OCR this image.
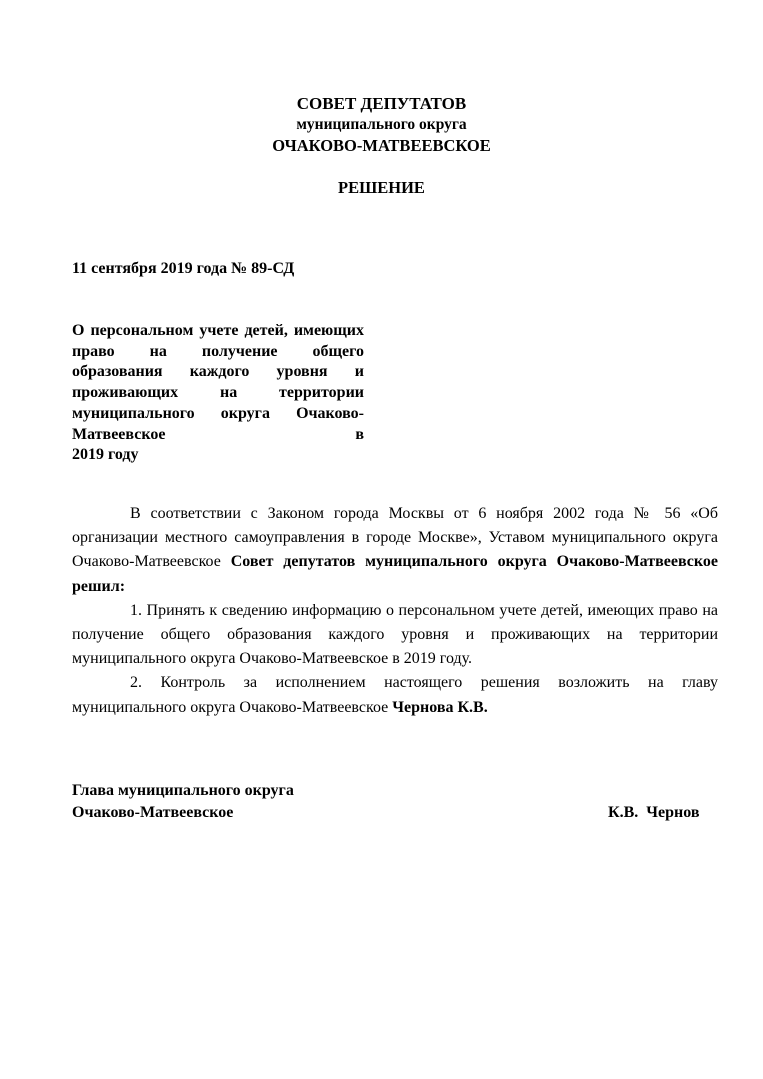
СОВЕТ ДЕПУТАТОВ
муниципального округа
ОЧАКОВО-МАТВЕЕВСКОЕ
РЕШЕНИЕ
11 сентября 2019 года № 89-СД
О персональном учете детей, имеющих право на получение общего образования каждого уровня и проживающих на территории муниципального округа Очаково-Матвеевское в
2019 году

В соответствии с Законом города Москвы от 6 ноября 2002 года № 56 «Об организации местного самоуправления в городе Москве», Уставом муниципального округа Очаково-Матвеевское Совет депутатов муниципального округа Очаково-Матвеевское решил:

1. Принять к сведению информацию о персональном учете детей, имеющих право на получение общего образования каждого уровня и проживающих на территории муниципального округа Очаково-Матвеевское в 2019 году.

2. Контроль за исполнением настоящего решения возложить на главу муниципального округа Очаково-Матвеевское Чернова К.В.

Глава муниципального округа
Очаково-Матвеевское	К.В. Чернов
